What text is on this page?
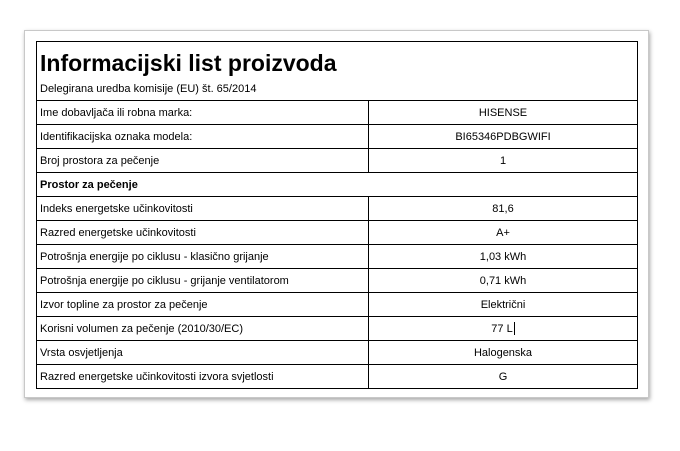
Informacijski list proizvoda
Delegirana uredba komisije (EU) št. 65/2014
Ime dobavljača ili robna marka:	HISENSE
Identifikacijska oznaka modela:	BI65346PDBGWIFI
Broj prostora za pečenje	1
Prostor za pečenje
Indeks energetske učinkovitosti	81,6
Razred energetske učinkovitosti	A+
Potrošnja energije po ciklusu - klasično grijanje	1,03 kWh
Potrošnja energije po ciklusu - grijanje ventilatorom	0,71 kWh
Izvor topline za prostor za pečenje	Električni
Korisni volumen za pečenje (2010/30/EC)	77 L
Vrsta osvjetljenja	Halogenska
Razred energetske učinkovitosti izvora svjetlosti	G
